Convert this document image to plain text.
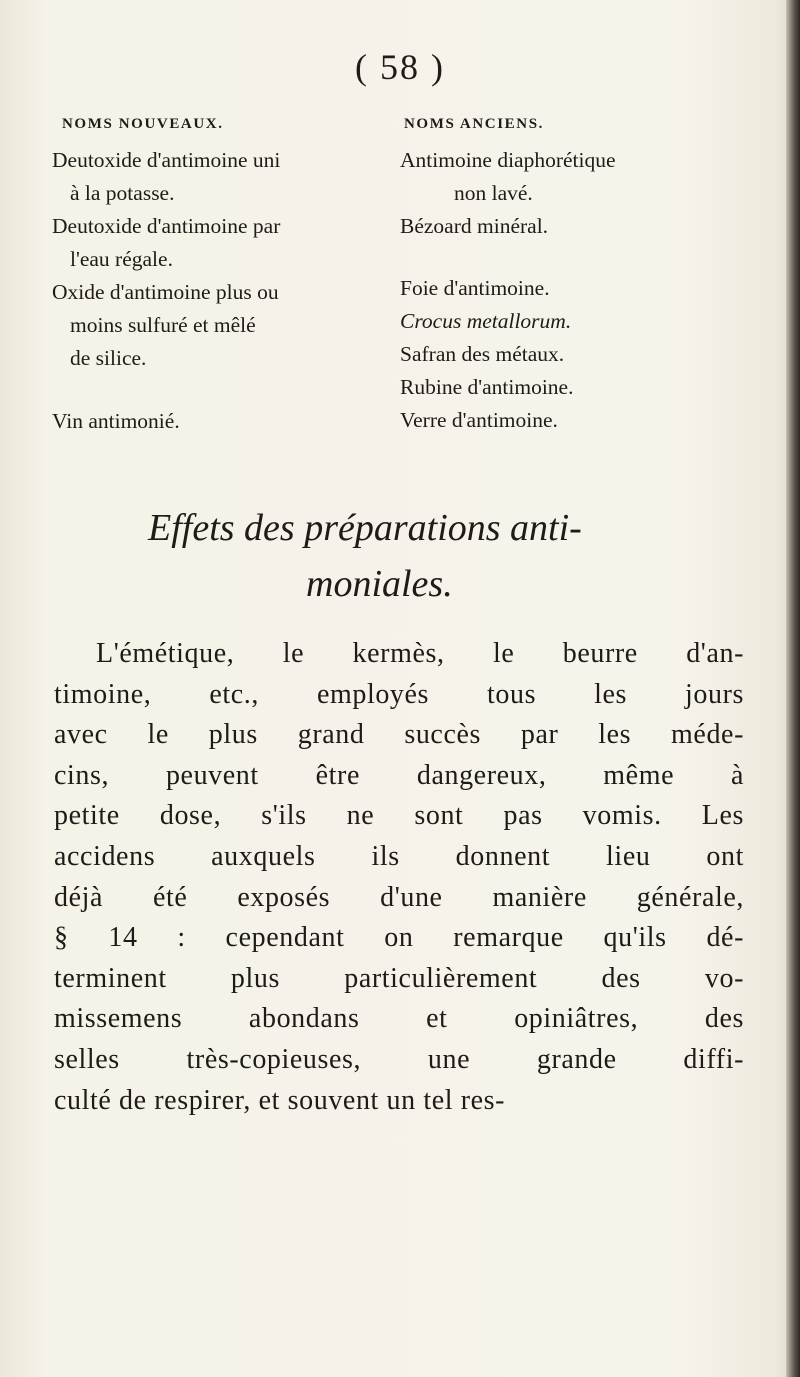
( 58 )
NOMS NOUVEAUX.	NOMS ANCIENS.
Deutoxide d'antimoine uni
à la potasse.
Deutoxide d'antimoine par
l'eau régale.
Oxide d'antimoine plus ou
moins sulfuré et mêlé
de silice.
Vin antimonié.
Antimoine diaphorétique
non lavé.
Bézoard minéral.
Foie d'antimoine.
Crocus metallorum.
Safran des métaux.
Rubine d'antimoine.
Verre d'antimoine.
Effets des préparations anti-
moniales.
L'émétique, le kermès, le beurre d'an-
timoine, etc., employés tous les jours
avec le plus grand succès par les méde-
cins, peuvent être dangereux, même à
petite dose, s'ils ne sont pas vomis. Les
accidens auxquels ils donnent lieu ont
déjà été exposés d'une manière générale,
§ 14 : cependant on remarque qu'ils dé-
terminent plus particulièrement des vo-
missemens abondans et opiniâtres, des
selles très-copieuses, une grande diffi-
culté de respirer, et souvent un tel res-
